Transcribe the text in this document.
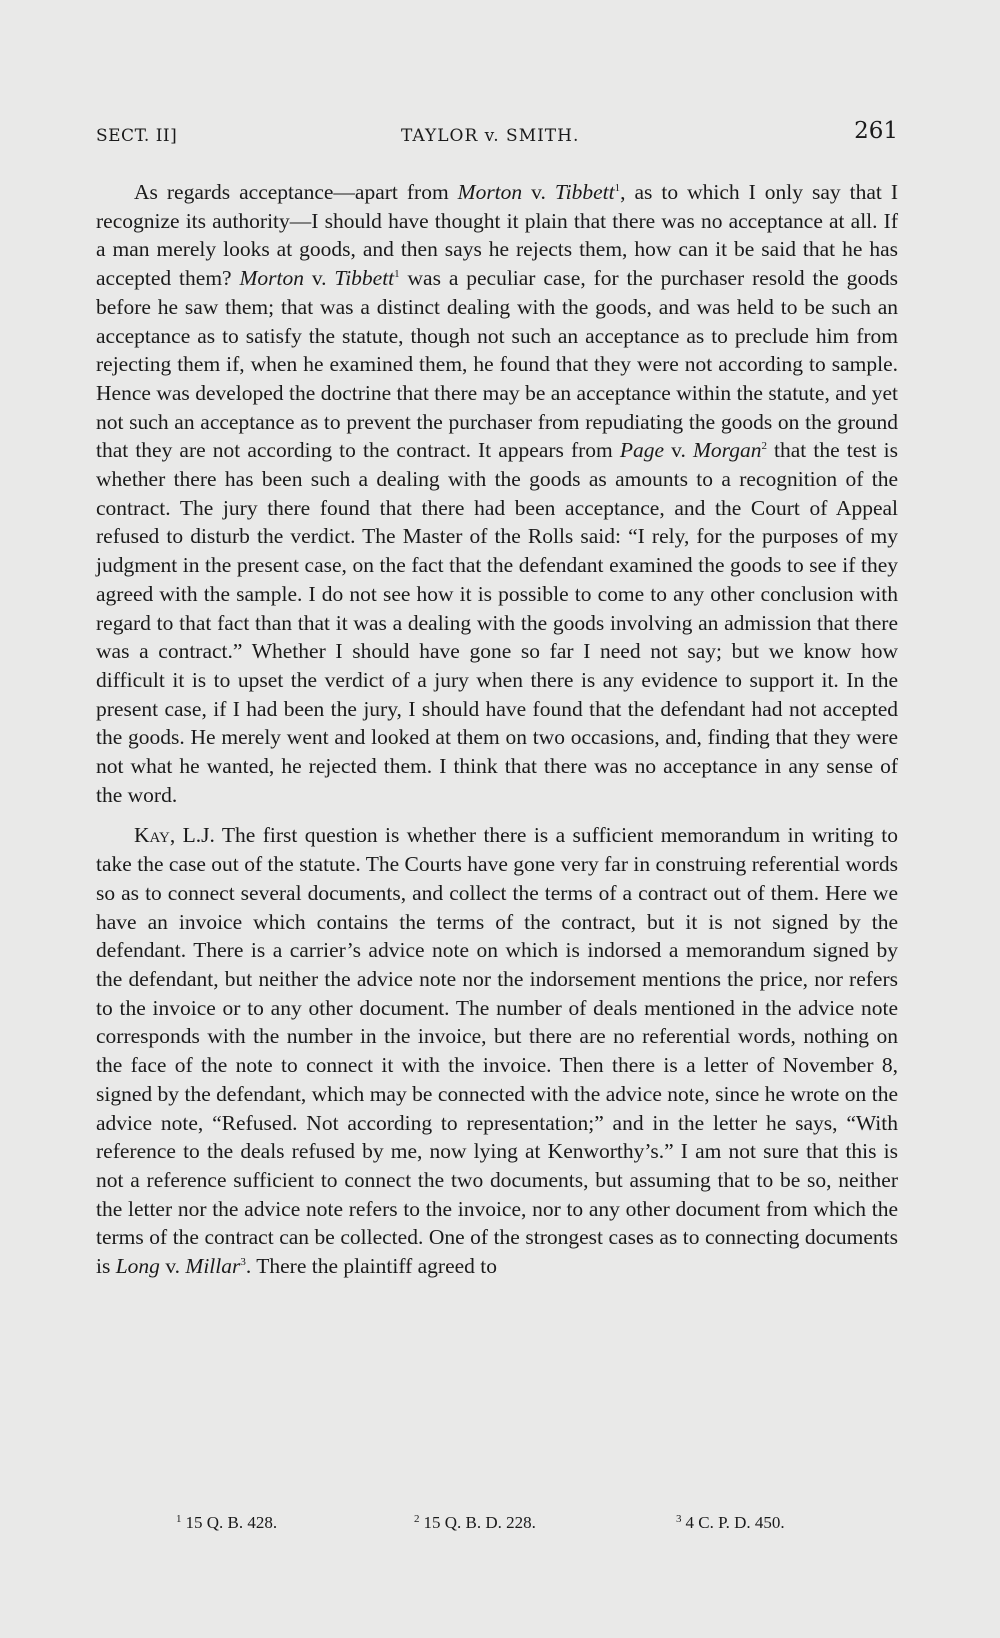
SECT. II]	TAYLOR v. SMITH.	261

As regards acceptance—apart from Morton v. Tibbett$^1$, as to which I only say that I recognize its authority—I should have thought it plain that there was no acceptance at all. If a man merely looks at goods, and then says he rejects them, how can it be said that he has accepted them? Morton v. Tibbett$^1$ was a peculiar case, for the purchaser resold the goods before he saw them; that was a distinct dealing with the goods, and was held to be such an acceptance as to satisfy the statute, though not such an acceptance as to preclude him from rejecting them if, when he examined them, he found that they were not according to sample. Hence was developed the doctrine that there may be an acceptance within the statute, and yet not such an acceptance as to prevent the purchaser from repudiating the goods on the ground that they are not according to the contract. It appears from Page v. Morgan$^2$ that the test is whether there has been such a dealing with the goods as amounts to a recognition of the contract. The jury there found that there had been acceptance, and the Court of Appeal refused to disturb the verdict. The Master of the Rolls said: “I rely, for the purposes of my judgment in the present case, on the fact that the defendant examined the goods to see if they agreed with the sample. I do not see how it is possible to come to any other conclusion with regard to that fact than that it was a dealing with the goods involving an admission that there was a contract.” Whether I should have gone so far I need not say; but we know how difficult it is to upset the verdict of a jury when there is any evidence to support it. In the present case, if I had been the jury, I should have found that the defendant had not accepted the goods. He merely went and looked at them on two occasions, and, finding that they were not what he wanted, he rejected them. I think that there was no acceptance in any sense of the word.

Kay, L.J. The first question is whether there is a sufficient memorandum in writing to take the case out of the statute. The Courts have gone very far in construing referential words so as to connect several documents, and collect the terms of a contract out of them. Here we have an invoice which contains the terms of the contract, but it is not signed by the defendant. There is a carrier’s advice note on which is indorsed a memorandum signed by the defendant, but neither the advice note nor the indorsement mentions the price, nor refers to the invoice or to any other document. The number of deals mentioned in the advice note corresponds with the number in the invoice, but there are no referential words, nothing on the face of the note to connect it with the invoice. Then there is a letter of November 8, signed by the defendant, which may be connected with the advice note, since he wrote on the advice note, “Refused. Not according to representation;” and in the letter he says, “With reference to the deals refused by me, now lying at Kenworthy’s.” I am not sure that this is not a reference sufficient to connect the two documents, but assuming that to be so, neither the letter nor the advice note refers to the invoice, nor to any other document from which the terms of the contract can be collected. One of the strongest cases as to connecting documents is Long v. Millar$^3$. There the plaintiff agreed to

$^1$ 15 Q. B. 428.	$^2$ 15 Q. B. D. 228.	$^3$ 4 C. P. D. 450.
